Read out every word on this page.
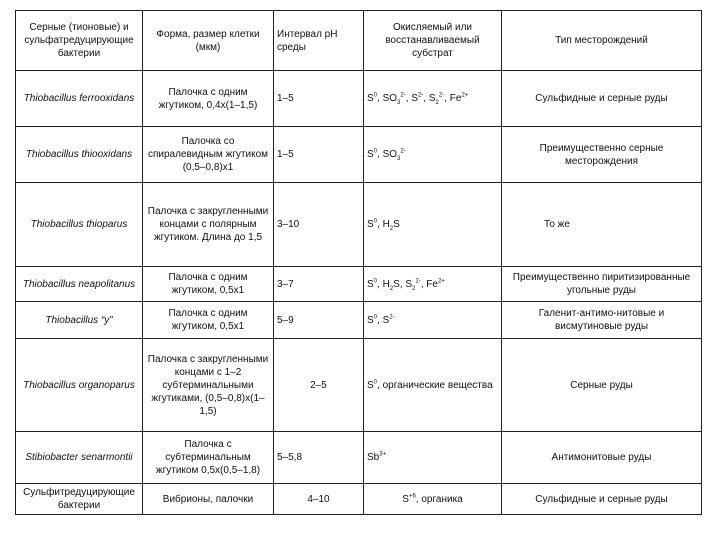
Серные (тионовые) и сульфатредуцирующие бактерии	Форма, размер клетки (мкм)	Интервал pH среды	Окисляемый или восстанавливаемый субстрат	Тип месторождений
Thiobacillus ferrooxidans	Палочка с одним жгутиком, 0,4х(1–1,5)	1–5	$S^0$, $SO_3^{2-}$, $S^{2-}$, $S_2^{2-}$, $Fe^{2+}$	Сульфидные и серные руды
Thiobacillus thiooxidans	Палочка со спиралевидным жгутиком (0,5–0,8)х1	1–5	$S^0$, $SO_3^{2-}$	Преимущественно серные месторождения
Thiobacillus thioparus	Палочка с закругленными концами с полярным жгутиком. Длина до 1,5	3–10	$S^0$, $H_2S$	То же
Thiobacillus neapolitanus	Палочка с одним жгутиком, 0,5х1	3–7	$S^0$, $H_2S$, $S_2^{2-}$, $Fe^{2+}$	Преимущественно пиритизированные угольные руды
Thiobacillus “y”	Палочка с одним жгутиком, 0,5х1	5–9	$S^0$, $S^{2-}$	Галенит-антимо-нитовые и висмутиновые руды
Thiobacillus organoparus	Палочка с закругленными концами с 1–2 субтерминальными жгутиками, (0,5–0,8)х(1–1,5)	2–5	$S^0$, органические вещества	Серные руды
Stibiobacter senarmontii	Палочка с субтерминальным жгутиком 0,5х(0,5–1,8)	5–5,8	$Sb^{3+}$	Антимонитовые руды
Сульфитредуцирующие бактерии	Вибрионы, палочки	4–10	$S^{+6}$, органика	Сульфидные и серные руды
